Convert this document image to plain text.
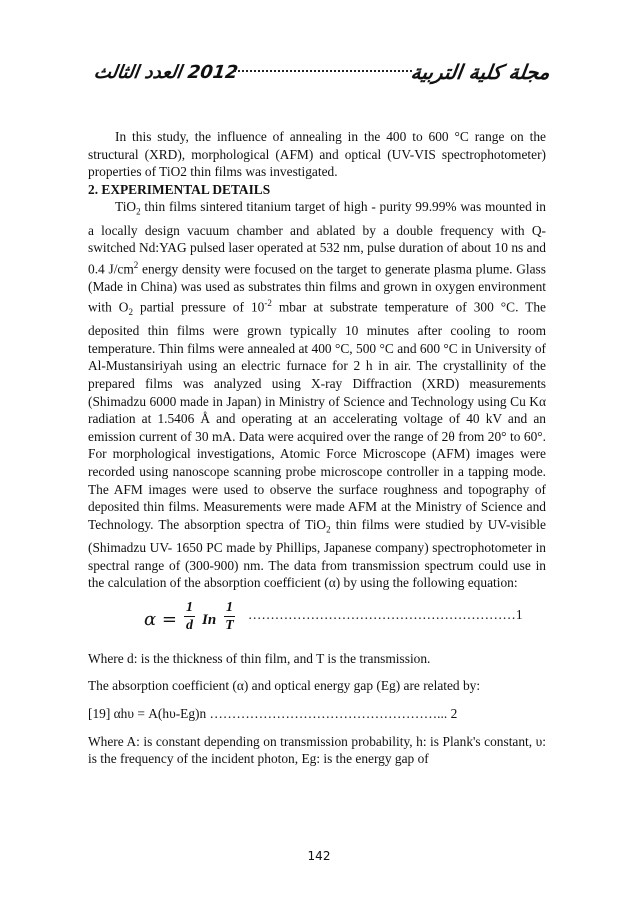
2012 العدد الثالث	مجلة كلية التربية

In this study, the influence of annealing in the 400 to 600 °C range on the structural (XRD), morphological (AFM) and optical (UV-VIS spectrophotometer) properties of TiO2 thin films was investigated.

2. EXPERIMENTAL DETAILS

TiO$_2$ thin films sintered titanium target of high - purity 99.99% was mounted in a locally design vacuum chamber and ablated by a double frequency with Q-switched Nd:YAG pulsed laser operated at 532 nm, pulse duration of about 10 ns and 0.4 $J/cm^2$ energy density were focused on the target to generate plasma plume. Glass (Made in China) was used as substrates thin films and grown in oxygen environment with $O_2$ partial pressure of $10^{-2}$ mbar at substrate temperature of 300 °C. The deposited thin films were grown typically 10 minutes after cooling to room temperature. Thin films were annealed at 400 °C, 500 °C and 600 °C in University of Al-Mustansiriyah using an electric furnace for 2 h in air. The crystallinity of the prepared films was analyzed using X-ray Diffraction (XRD) measurements (Shimadzu 6000 made in Japan) in Ministry of Science and Technology using Cu Kα radiation at 1.5406 Å and operating at an accelerating voltage of 40 kV and an emission current of 30 mA. Data were acquired over the range of 2θ from 20° to 60°. For morphological investigations, Atomic Force Microscope (AFM) images were recorded using nanoscope scanning probe microscope controller in a tapping mode. The AFM images were used to observe the surface roughness and topography of deposited thin films. Measurements were made AFM at the Ministry of Science and Technology. The absorption spectra of TiO$_2$ thin films were studied by UV-visible (Shimadzu UV- 1650 PC made by Phillips, Japanese company) spectrophotometer in spectral range of (300-900) nm. The data from transmission spectrum could use in the calculation of the absorption coefficient (α) by using the following equation:

$\alpha = \frac{1}{d}$ In $\frac{1}{T}$ ……………………………………………………1

Where d: is the thickness of thin film, and T is the transmission.

The absorption coefficient (α) and optical energy gap (Eg) are related by:

[19] αhυ = A(hυ-Eg)n ……………………………………………... 2

Where A: is constant depending on transmission probability, h: is Plank's constant, υ: is the frequency of the incident photon, Eg: is the energy gap of

142
